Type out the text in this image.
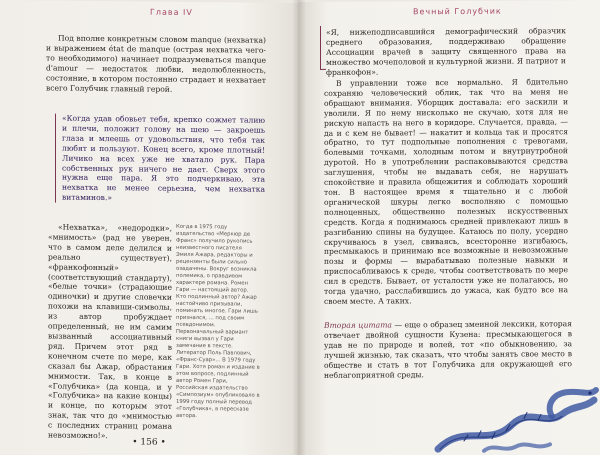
Глава IV
Под вполне конкретным словом manque (нехватка) и выражением état de manque (острая нехватка чего-то необходимого) начинает подразумеваться manque d'amour — недостаток любви, недолюбленность, состояние, в котором постоянно страдает и нехватает всего Голубчик главный герой.
«Когда удав обовьет тебя, крепко сожмет талию и плечи, положит голову на шею — закроешь глаза и млеешь от удовольствия, что тебя так любят и пользуют. Конец всего, кроме плотный! Личико на всех уже не хватало рук. Пара собственных рук ничего не дает. Сверх этого нужна еще пара. Я это подчеркиваю, эта нехватка не менее серьезна, чем нехватка витаминов.»
«Нехватка», «недородки», «мнимость» (рад не уверен, что в самом деле делился и реально существует), «франкофонный» (соответствующий стандарту), «белые точки» (страдающие одиночки) и другие словечки похожи на клавиши-символы, из автор пробуждает определенный, не им самим вызванный ассоциативный ряд. Причем этот ряд в конечном счете по мере, как сказал бы Ажар, обрастания мнимости. Так, в конце в «Голубчика» (да конца, и у «Голубчика» на какие концы) и конце, по которым этот знак, так что до «мнимостью с последних страниц романа невозможно!».
Когда в 1975 году издательство «Меркюр де Франс» получило рукопись неизвестного писателя Эмиля Ажара, редакторы и рецензенты были сильно озадачены. Вокруг возникла полемика, о правдивом характере романа. Ромен Гари — настоящий автор. Кто подлинный автор? Ажар настойчиво призывали, поминать многое. Гари лишь признался, ... под своим псевдонимом. Первоначальный вариант книги вызвал у Гари замечание в тексте. Литератор Поль Павлович, «Франс-Суар»... В 1979 году Гари. Хотя роман и издание в этом вопросе, подлинный автор Ромен Гари, Российская издательство «Симпозиум» опубликовало в 1999 году полный перевод «Голубчика», в пересказе автора.
• 156 •
Вечный Голубчик
«Я, нижеподписавшийся демографический образчик среднего образования, поддерживаю обращение Ассоциации врачей в защиту священного права на множество мочеполовой и культурной жизни. Я патриот и франкофон».
В управлении тоже все нормально. Я бдительно сохраняю человеческий облик, так что на меня не обращают внимания. Уборщик доставала: его заскили и уволили. Я по нему нисколько не скучаю, хотя для не рискую напасть на него в коридоре. Случается, правда, — да и с кем не бывает! — накатит и кольца так и просятся обратно, то тут подпольные пополнения с тревогами, болевыми точками, холодным потом и внутриутробной дуротой. Но в употреблении распаковываются средства заглушения, чтобы не выдавать себя, не нарушать спокойствие и правила общежития и соблюдать хороший тон. В настоящее время я тщательно и с любой органической шкуры легко восполняю с помощью полноценных, общественно полезных искусственных средств. Когда я поднимаюсь средней привлекают лишь в разгибанию спины на будущее. Катаюсь по полу, усердно скручиваюсь в узел, свиваясь, всесторонне изгибаюсь, пресмыкаюсь и принимаю все возможные и невозможные позы и формы — вырабатываю полезные навыки и приспосабливаюсь к среде, чтобы соответствовать по мере сил в средств. Бывает, от усталости уже не полагаюсь, но тогда удачно, расслабившись до ужаса, как будто все на своем месте. А таких.
Вторая цитата — еще о образец змеиной лексики, которая отвечает двойной сущности Кузена: пресмыкающегося в удав не по природе и волей, тот «по обыкновению, за лучшей жизнью, так сказать, что чтобы занять свое место в обществе и стать в тот Голубчика для окружающей его неблагоприятной среды.
